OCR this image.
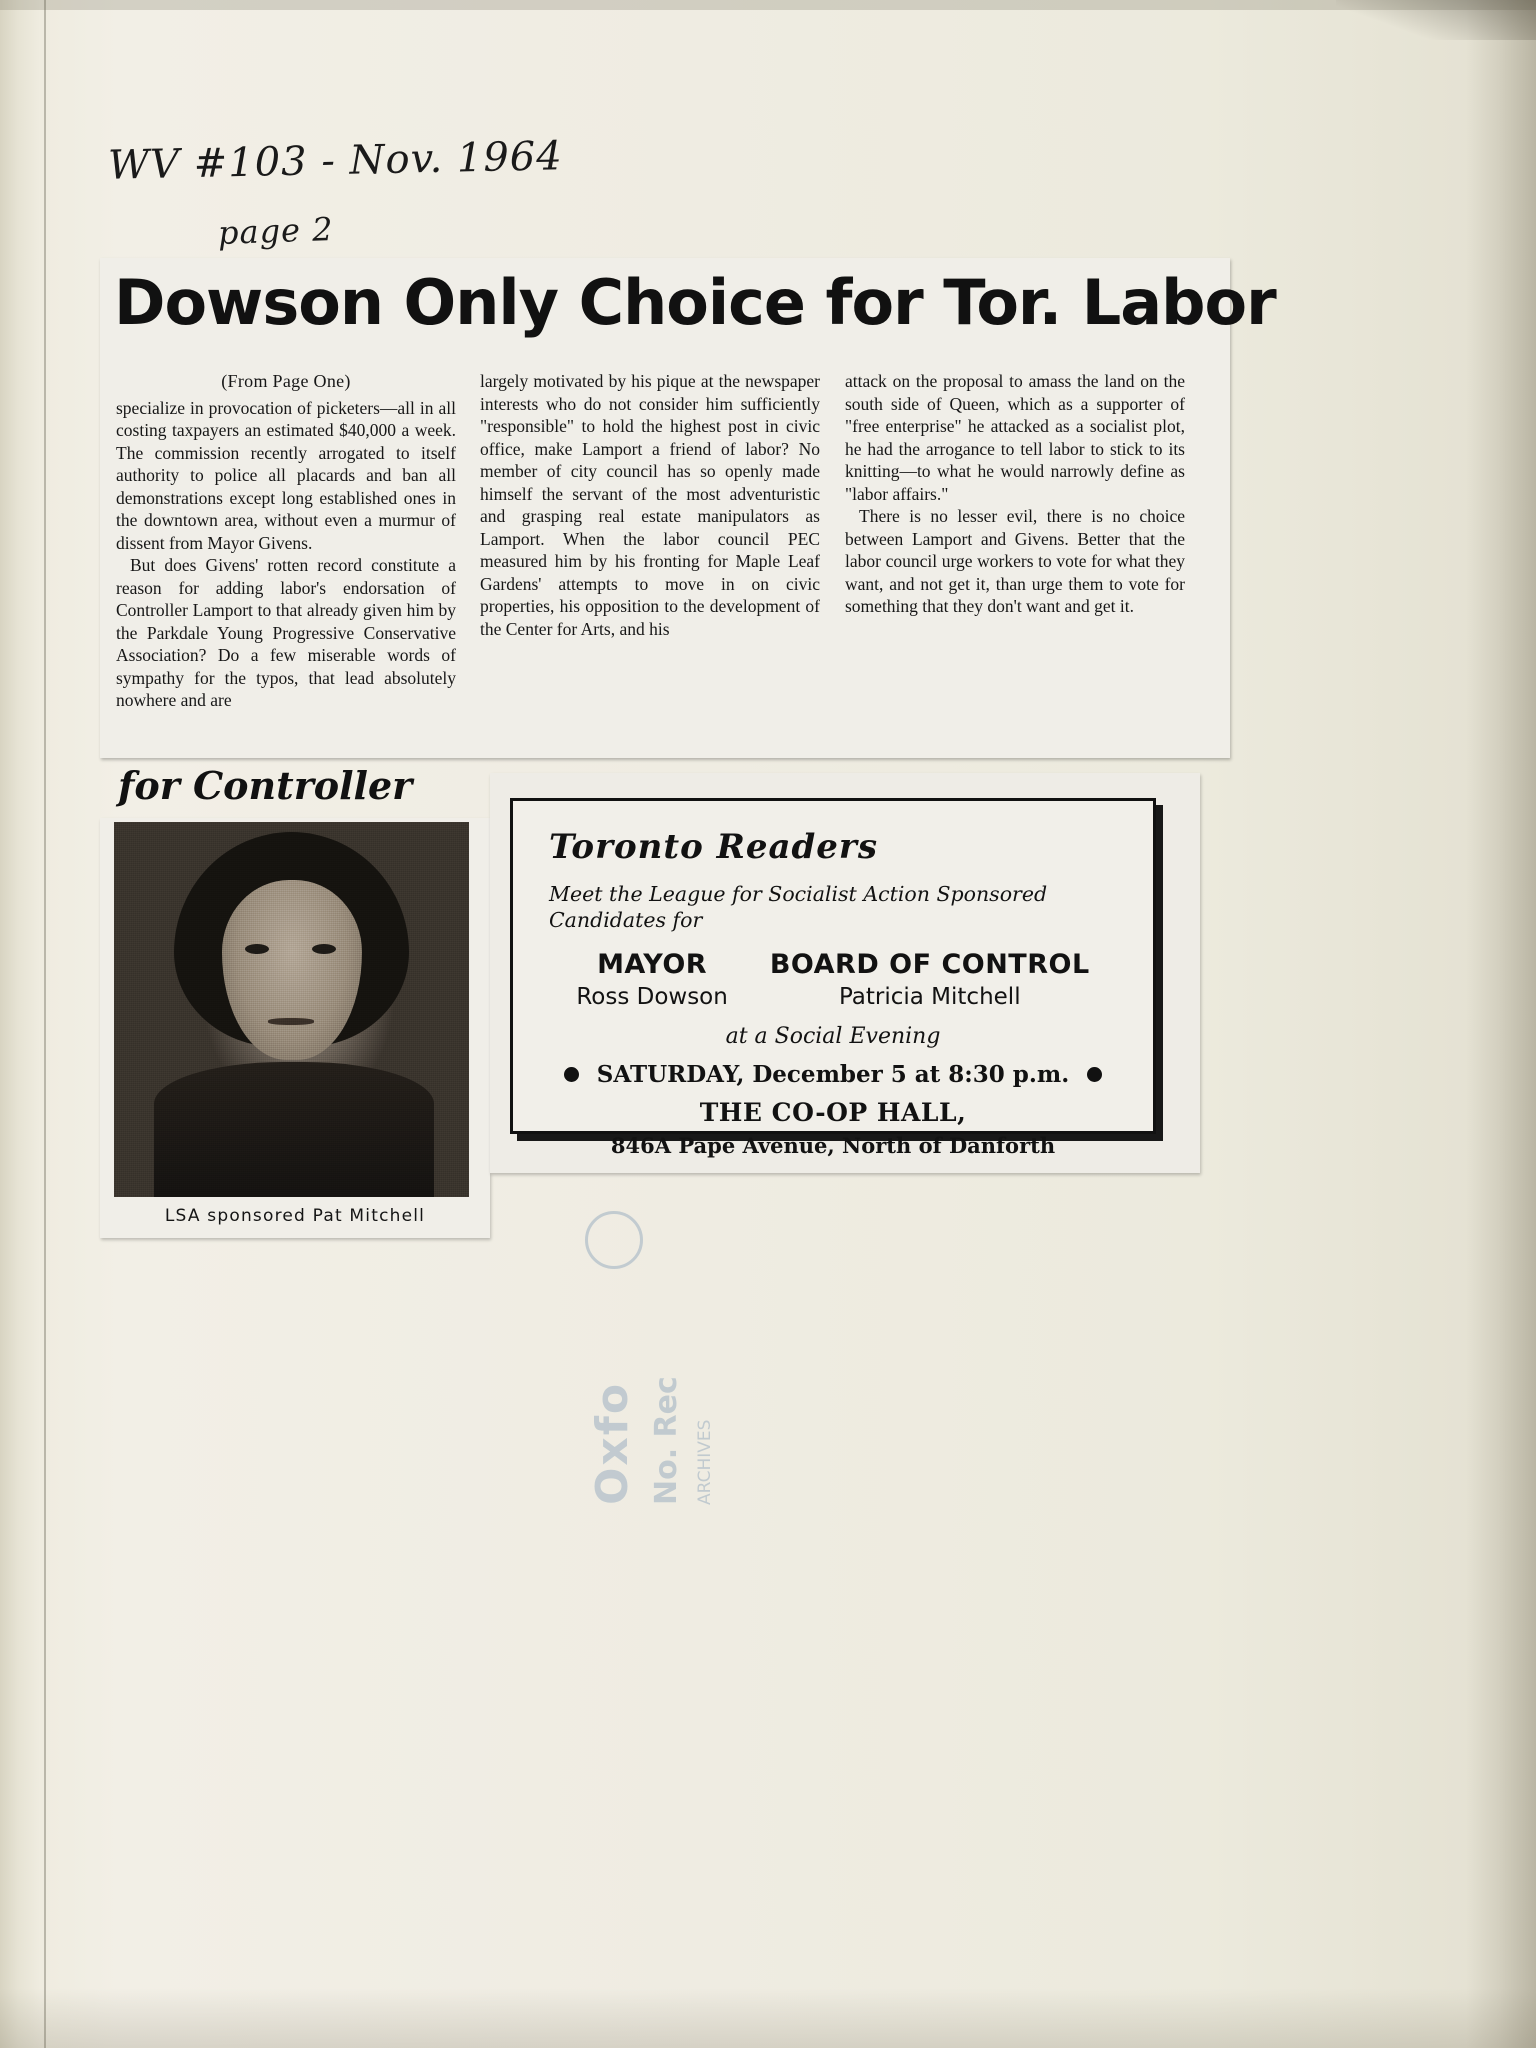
WV #103 - Nov. 1964
page 2
Dowson Only Choice for Tor. Labor
(From Page One)

specialize in provocation of picketers—all in all costing taxpayers an estimated $40,000 a week. The commission recently arrogated to itself authority to police all placards and ban all demonstrations except long established ones in the downtown area, without even a murmur of dissent from Mayor Givens.

But does Givens' rotten record constitute a reason for adding labor's endorsation of Controller Lamport to that already given him by the Parkdale Young Progressive Conservative Association? Do a few miserable words of sympathy for the typos, that lead absolutely nowhere and are

largely motivated by his pique at the newspaper interests who do not consider him sufficiently "responsible" to hold the highest post in civic office, make Lamport a friend of labor? No member of city council has so openly made himself the servant of the most adventuristic and grasping real estate manipulators as Lamport. When the labor council PEC measured him by his fronting for Maple Leaf Gardens' attempts to move in on civic properties, his opposition to the development of the Center for Arts, and his

attack on the proposal to amass the land on the south side of Queen, which as a supporter of "free enterprise" he attacked as a socialist plot, he had the arrogance to tell labor to stick to its knitting—to what he would narrowly define as "labor affairs."

There is no lesser evil, there is no choice between Lamport and Givens. Better that the labor council urge workers to vote for what they want, and not get it, than urge them to vote for something that they don't want and get it.

for Controller
LSA sponsored Pat Mitchell
Toronto Readers
Meet the League for Socialist Action Sponsored Candidates for
MAYOR
Ross Dowson
BOARD OF CONTROL
Patricia Mitchell
at a Social Evening
SATURDAY, December 5 at 8:30 p.m.
THE CO-OP HALL,
846A Pape Avenue, North of Danforth
Oxfo No. Rec ARCHIVES
